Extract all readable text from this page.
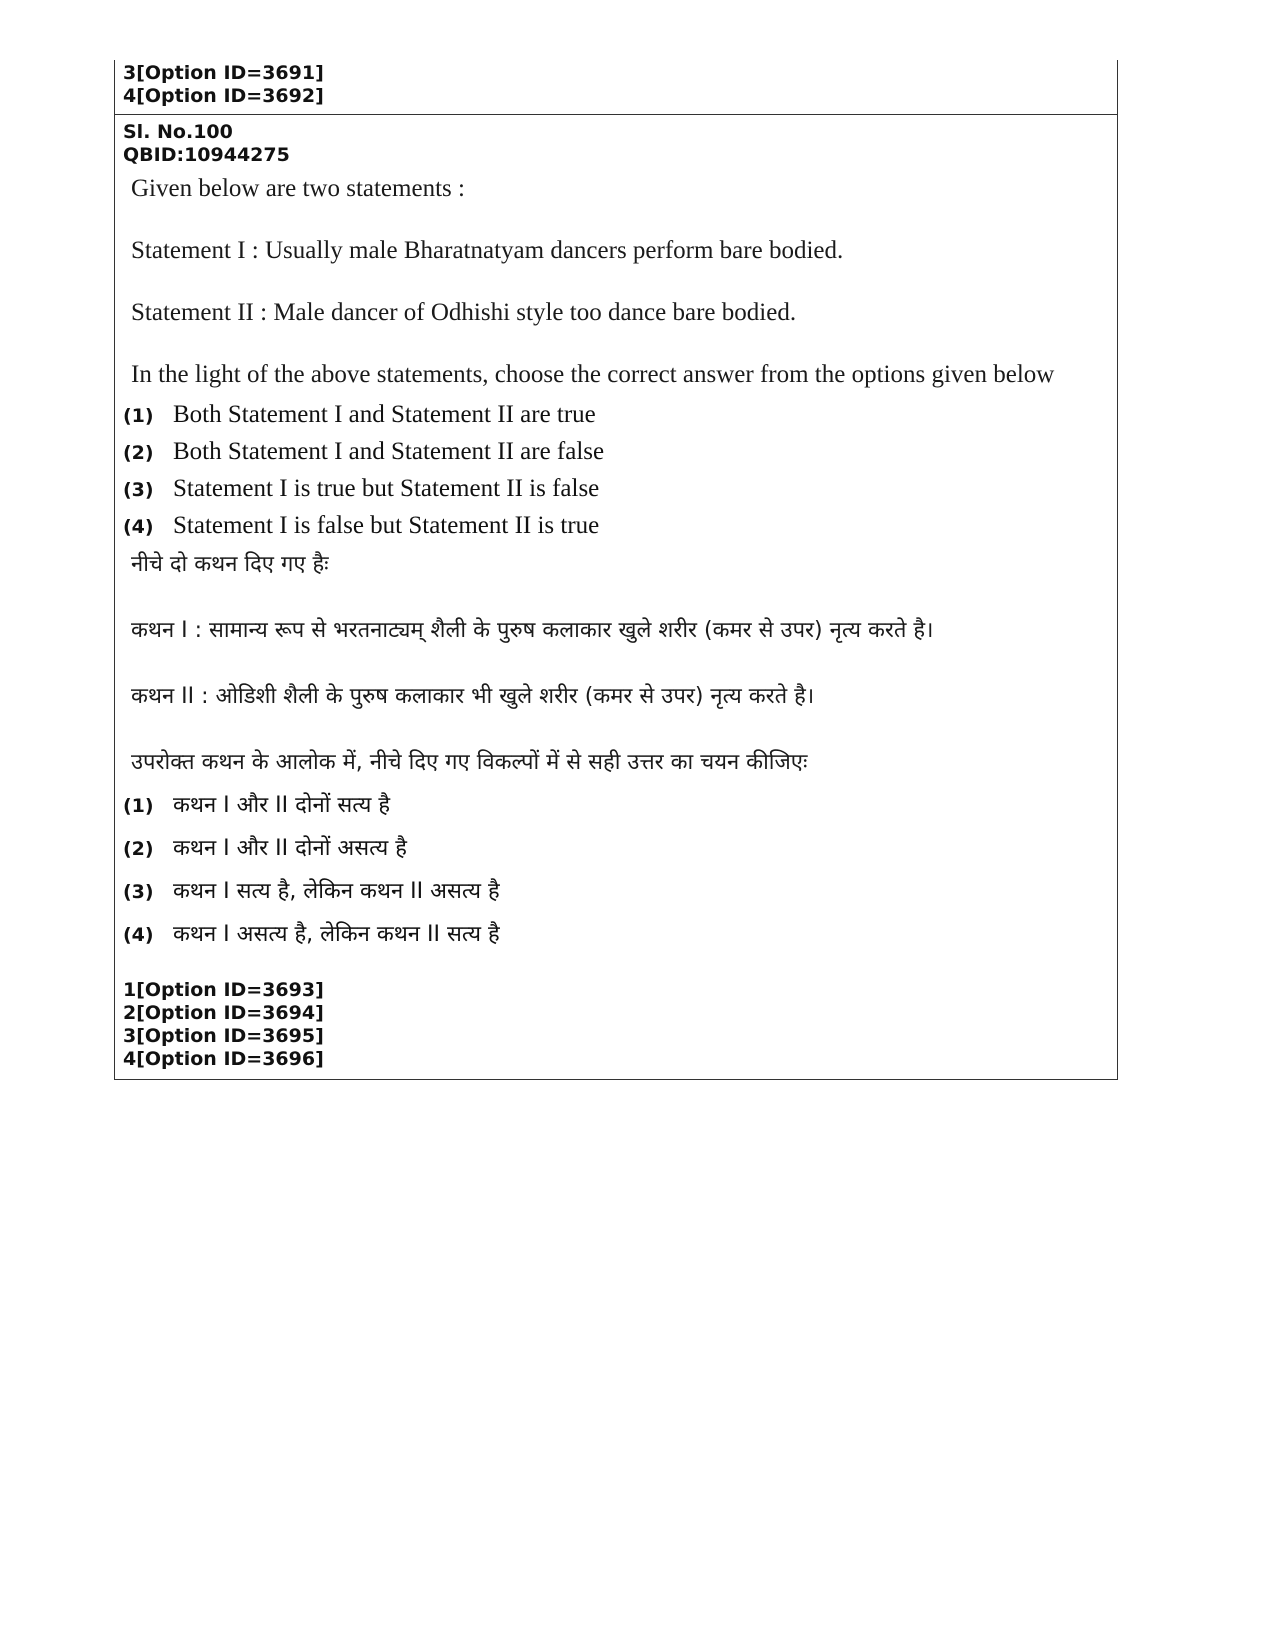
3[Option ID=3691]
4[Option ID=3692]
Sl. No.100
QBID:10944275

Given below are two statements :

Statement I : Usually male Bharatnatyam dancers perform bare bodied.

Statement II : Male dancer of Odhishi style too dance bare bodied.

In the light of the above statements, choose the correct answer from the options given below

(1) Both Statement I and Statement II are true
(2) Both Statement I and Statement II are false
(3) Statement I is true but Statement II is false
(4) Statement I is false but Statement II is true

नीचे दो कथन दिए गए हैः

कथन I : सामान्य रूप से भरतनाट्यम् शैली के पुरुष कलाकार खुले शरीर (कमर से उपर) नृत्य करते है।

कथन II : ओडिशी शैली के पुरुष कलाकार भी खुले शरीर (कमर से उपर) नृत्य करते है।

उपरोक्त कथन के आलोक में, नीचे दिए गए विकल्पों में से सही उत्तर का चयन कीजिएः

(1) कथन I और II दोनों सत्य है
(2) कथन I और II दोनों असत्य है
(3) कथन I सत्य है, लेकिन कथन II असत्य है
(4) कथन I असत्य है, लेकिन कथन II सत्य है
1[Option ID=3693]
2[Option ID=3694]
3[Option ID=3695]
4[Option ID=3696]
